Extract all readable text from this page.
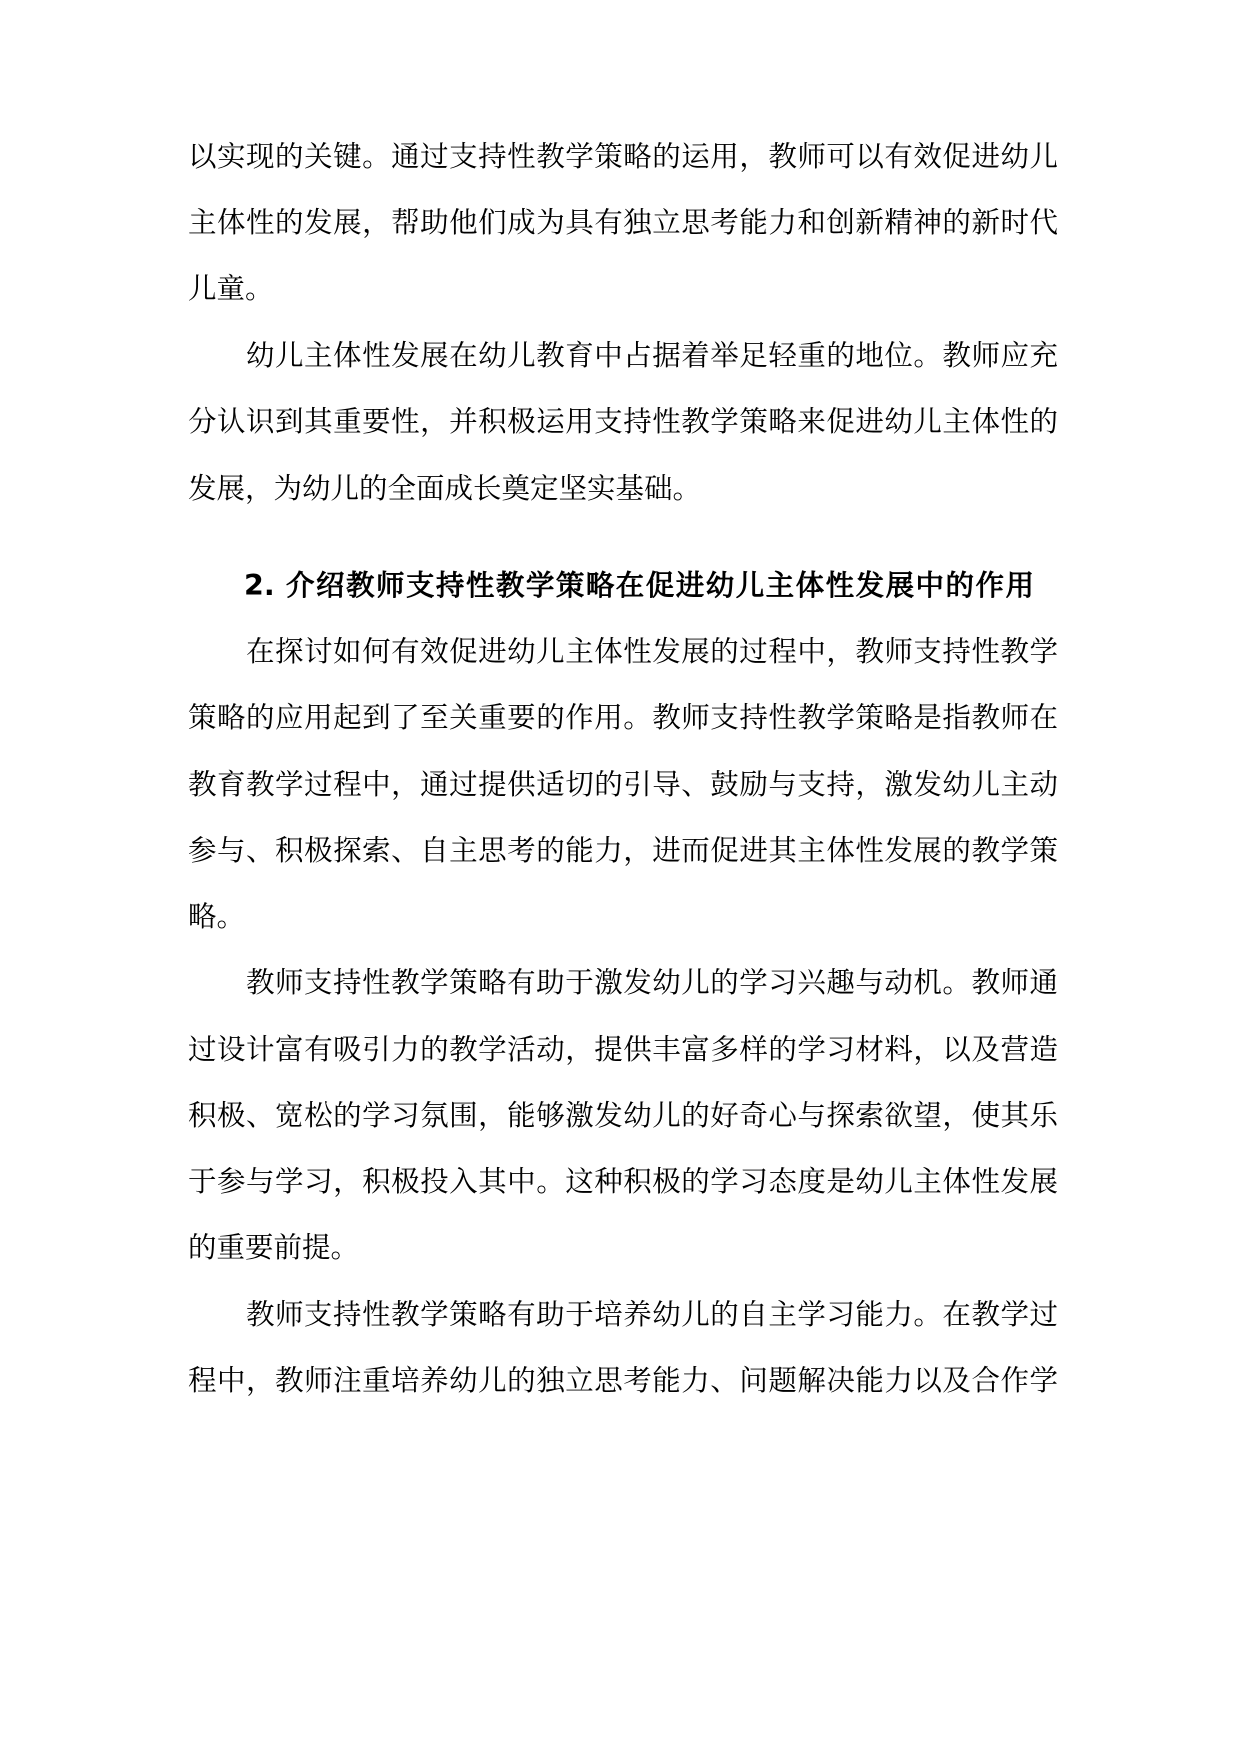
以实现的关键。通过支持性教学策略的运用，教师可以有效促进幼儿
主体性的发展，帮助他们成为具有独立思考能力和创新精神的新时代
儿童。
幼儿主体性发展在幼儿教育中占据着举足轻重的地位。教师应充
分认识到其重要性，并积极运用支持性教学策略来促进幼儿主体性的
发展，为幼儿的全面成长奠定坚实基础。
2. 介绍教师支持性教学策略在促进幼儿主体性发展中的作用
在探讨如何有效促进幼儿主体性发展的过程中，教师支持性教学
策略的应用起到了至关重要的作用。教师支持性教学策略是指教师在
教育教学过程中，通过提供适切的引导、鼓励与支持，激发幼儿主动
参与、积极探索、自主思考的能力，进而促进其主体性发展的教学策
略。
教师支持性教学策略有助于激发幼儿的学习兴趣与动机。教师通
过设计富有吸引力的教学活动，提供丰富多样的学习材料，以及营造
积极、宽松的学习氛围，能够激发幼儿的好奇心与探索欲望，使其乐
于参与学习，积极投入其中。这种积极的学习态度是幼儿主体性发展
的重要前提。
教师支持性教学策略有助于培养幼儿的自主学习能力。在教学过
程中，教师注重培养幼儿的独立思考能力、问题解决能力以及合作学
